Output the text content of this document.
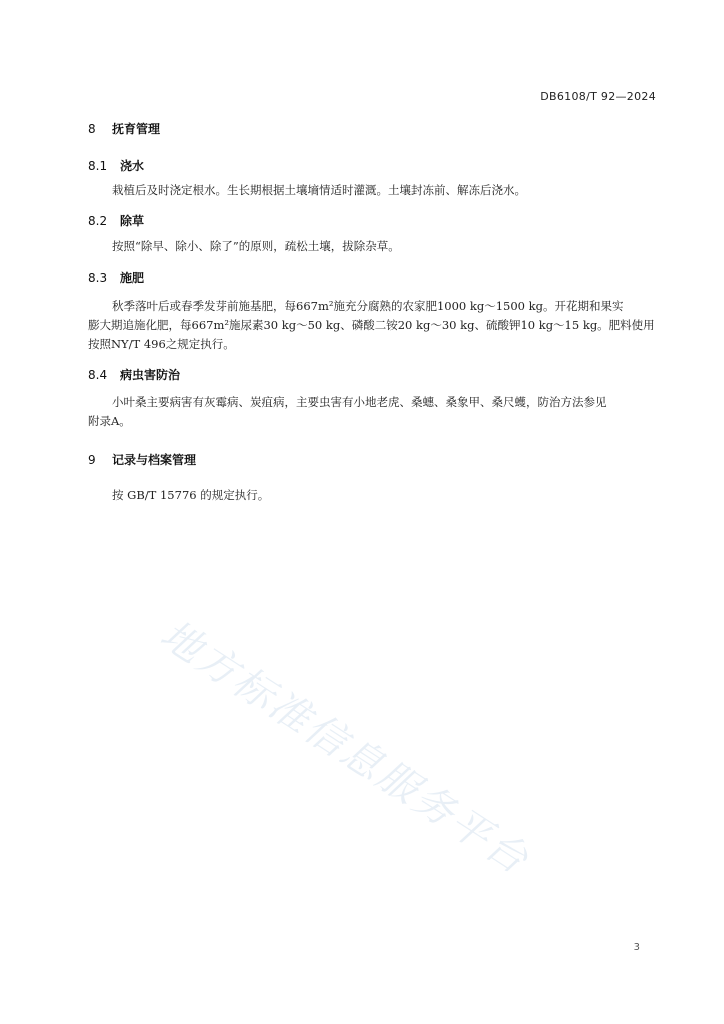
DB6108/T 92—2024
8 抚育管理
8.1 浇水
栽植后及时浇定根水。生长期根据土壤墒情适时灌溉。土壤封冻前、解冻后浇水。
8.2 除草
按照“除早、除小、除了”的原则，疏松土壤，拔除杂草。
8.3 施肥
秋季落叶后或春季发芽前施基肥，每667m²施充分腐熟的农家肥1000 kg～1500 kg。开花期和果实
膨大期追施化肥，每667m²施尿素30 kg～50 kg、磷酸二铵20 kg～30 kg、硫酸钾10 kg～15 kg。肥料使用
按照NY/T 496之规定执行。
8.4 病虫害防治
小叶桑主要病害有灰霉病、炭疽病，主要虫害有小地老虎、桑蟪、桑象甲、桑尺蠖，防治方法参见
附录A。
9 记录与档案管理
按 GB/T 15776 的规定执行。
地方标准信息服务平台
3
